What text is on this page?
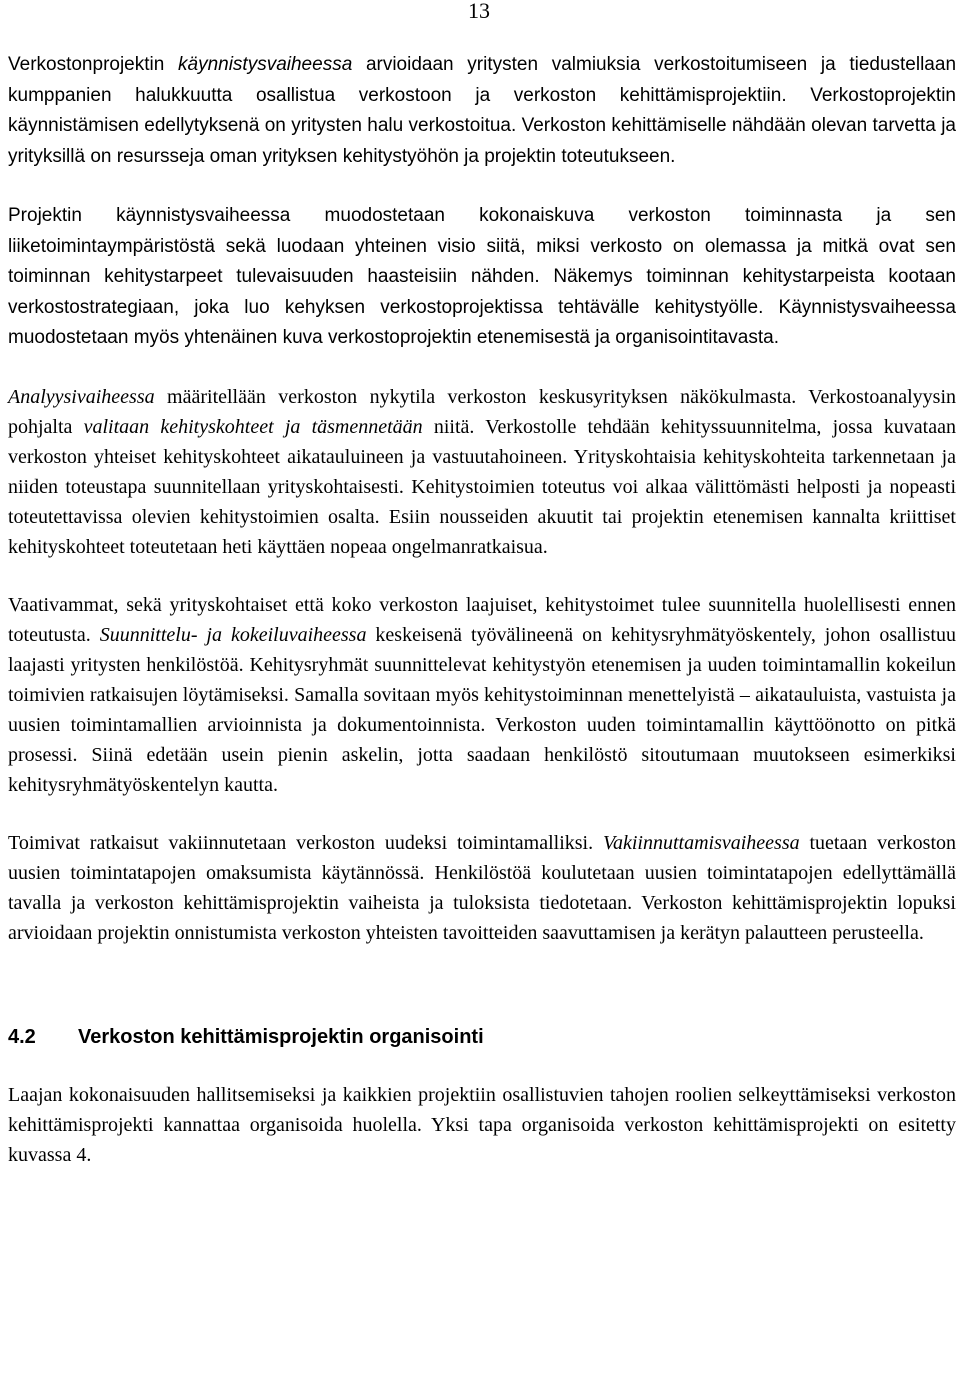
13

Verkostonprojektin käynnistysvaiheessa arvioidaan yritysten valmiuksia verkostoitumiseen ja tiedustellaan kumppanien halukkuutta osallistua verkostoon ja verkoston kehittämisprojektiin. Verkostoprojektin käynnistämisen edellytyksenä on yritysten halu verkostoitua. Verkoston kehittämiselle nähdään olevan tarvetta ja yrityksillä on resursseja oman yrityksen kehitystyöhön ja projektin toteutukseen.

Projektin käynnistysvaiheessa muodostetaan kokonaiskuva verkoston toiminnasta ja sen liiketoimintaympäristöstä sekä luodaan yhteinen visio siitä, miksi verkosto on olemassa ja mitkä ovat sen toiminnan kehitystarpeet tulevaisuuden haasteisiin nähden. Näkemys toiminnan kehitystarpeista kootaan verkostostrategiaan, joka luo kehyksen verkostoprojektissa tehtävälle kehitystyölle. Käynnistysvaiheessa muodostetaan myös yhtenäinen kuva verkostoprojektin etenemisestä ja organisointitavasta.

Analyysivaiheessa määritellään verkoston nykytila verkoston keskusyrityksen näkökulmasta. Verkostoanalyysin pohjalta valitaan kehityskohteet ja täsmennetään niitä. Verkostolle tehdään kehityssuunnitelma, jossa kuvataan verkoston yhteiset kehityskohteet aikatauluineen ja vastuutahoineen. Yrityskohtaisia kehityskohteita tarkennetaan ja niiden toteustapa suunnitellaan yrityskohtaisesti. Kehitystoimien toteutus voi alkaa välittömästi helposti ja nopeasti toteutettavissa olevien kehitystoimien osalta. Esiin nousseiden akuutit tai projektin etenemisen kannalta kriittiset kehityskohteet toteutetaan heti käyttäen nopeaa ongelmanratkaisua.

Vaativammat, sekä yrityskohtaiset että koko verkoston laajuiset, kehitystoimet tulee suunnitella huolellisesti ennen toteutusta. Suunnittelu- ja kokeiluvaiheessa keskeisenä työvälineenä on kehitysryhmätyöskentely, johon osallistuu laajasti yritysten henkilöstöä. Kehitysryhmät suunnittelevat kehitystyön etenemisen ja uuden toimintamallin kokeilun toimivien ratkaisujen löytämiseksi. Samalla sovitaan myös kehitystoiminnan menettelyistä – aikatauluista, vastuista ja uusien toimintamallien arvioinnista ja dokumentoinnista. Verkoston uuden toimintamallin käyttöönotto on pitkä prosessi. Siinä edetään usein pienin askelin, jotta saadaan henkilöstö sitoutumaan muutokseen esimerkiksi kehitysryhmätyöskentelyn kautta.

Toimivat ratkaisut vakiinnutetaan verkoston uudeksi toimintamalliksi. Vakiinnuttamisvaiheessa tuetaan verkoston uusien toimintatapojen omaksumista käytännössä. Henkilöstöä koulutetaan uusien toimintatapojen edellyttämällä tavalla ja verkoston kehittämisprojektin vaiheista ja tuloksista tiedotetaan. Verkoston kehittämisprojektin lopuksi arvioidaan projektin onnistumista verkoston yhteisten tavoitteiden saavuttamisen ja kerätyn palautteen perusteella.

4.2	Verkoston kehittämisprojektin organisointi

Laajan kokonaisuuden hallitsemiseksi ja kaikkien projektiin osallistuvien tahojen roolien selkeyttämiseksi verkoston kehittämisprojekti kannattaa organisoida huolella. Yksi tapa organisoida verkoston kehittämisprojekti on esitetty kuvassa 4.
